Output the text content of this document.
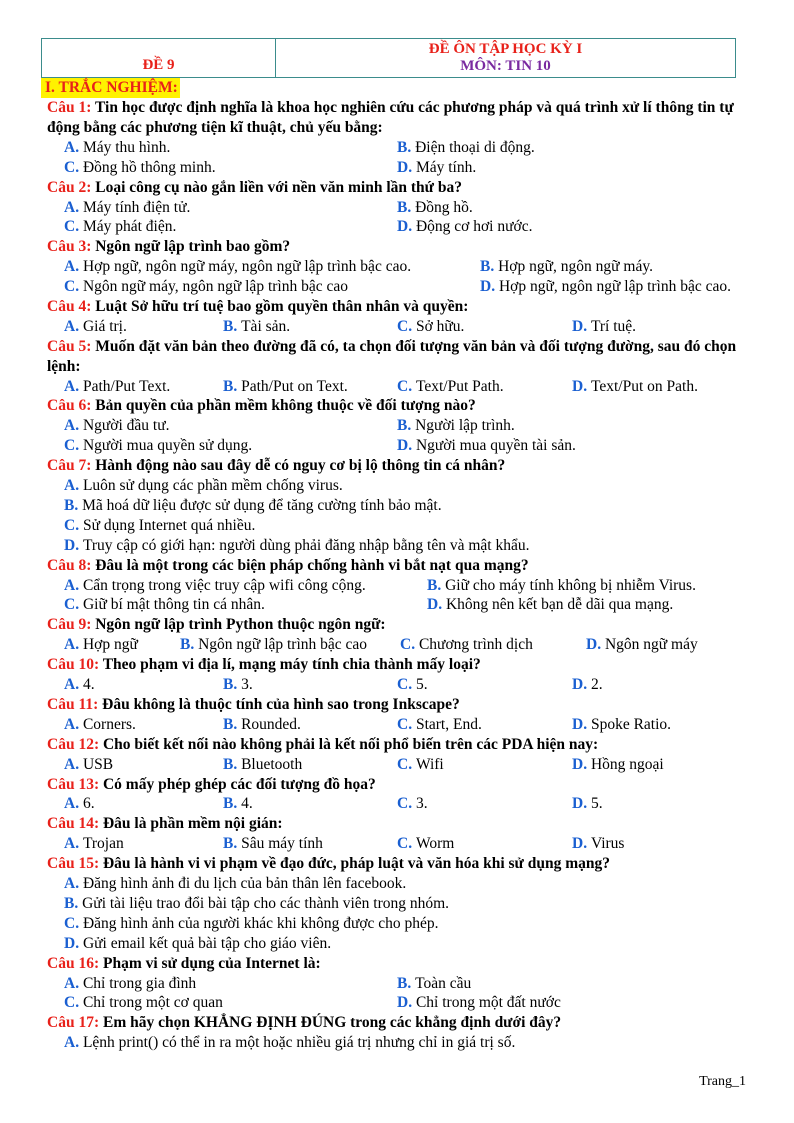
ĐỀ 9
ĐỀ ÔN TẬP HỌC KỲ I
MÔN: TIN 10
I. TRẮC NGHIỆM:
Câu 1: Tin học được định nghĩa là khoa học nghiên cứu các phương pháp và quá trình xử lí thông tin tự động bằng các phương tiện kĩ thuật, chủ yếu bằng:
A. Máy thu hình.	B. Điện thoại di động.
C. Đồng hồ thông minh.	D. Máy tính.
Câu 2: Loại công cụ nào gắn liền với nền văn minh lần thứ ba?
A. Máy tính điện tử.	B. Đồng hồ.
C. Máy phát điện.	D. Động cơ hơi nước.
Câu 3: Ngôn ngữ lập trình bao gồm?
A. Hợp ngữ, ngôn ngữ máy, ngôn ngữ lập trình bậc cao.	B. Hợp ngữ, ngôn ngữ máy.
C. Ngôn ngữ máy, ngôn ngữ lập trình bậc cao	D. Hợp ngữ, ngôn ngữ lập trình bậc cao.
Câu 4: Luật Sở hữu trí tuệ bao gồm quyền thân nhân và quyền:
A. Giá trị.	B. Tài sản.	C. Sở hữu.	D. Trí tuệ.
Câu 5: Muốn đặt văn bản theo đường đã có, ta chọn đối tượng văn bản và đối tượng đường, sau đó chọn lệnh:
A. Path/Put Text.	B. Path/Put on Text.	C. Text/Put Path.	D. Text/Put on Path.
Câu 6: Bản quyền của phần mềm không thuộc về đối tượng nào?
A. Người đầu tư.	B. Người lập trình.
C. Người mua quyền sử dụng.	D. Người mua quyền tài sản.
Câu 7: Hành động nào sau đây dễ có nguy cơ bị lộ thông tin cá nhân?
A. Luôn sử dụng các phần mềm chống virus.
B. Mã hoá dữ liệu được sử dụng để tăng cường tính bảo mật.
C. Sử dụng Internet quá nhiều.
D. Truy cập có giới hạn: người dùng phải đăng nhập bằng tên và mật khẩu.
Câu 8: Đâu là một trong các biện pháp chống hành vi bắt nạt qua mạng?
A. Cẩn trọng trong việc truy cập wifi công cộng.	B. Giữ cho máy tính không bị nhiễm Virus.
C. Giữ bí mật thông tin cá nhân.	D. Không nên kết bạn dễ dãi qua mạng.
Câu 9: Ngôn ngữ lập trình Python thuộc ngôn ngữ:
A. Hợp ngữ	B. Ngôn ngữ lập trình bậc cao C. Chương trình dịch	D. Ngôn ngữ máy
Câu 10: Theo phạm vi địa lí, mạng máy tính chia thành mấy loại?
A. 4.	B. 3.	C. 5.	D. 2.
Câu 11: Đâu không là thuộc tính của hình sao trong Inkscape?
A. Corners.	B. Rounded.	C. Start, End.	D. Spoke Ratio.
Câu 12: Cho biết kết nối nào không phải là kết nối phổ biến trên các PDA hiện nay:
A. USB	B. Bluetooth	C. Wifi	D. Hồng ngoại
Câu 13: Có mấy phép ghép các đối tượng đồ họa?
A. 6.	B. 4.	C. 3.	D. 5.
Câu 14: Đâu là phần mềm nội gián:
A. Trojan	B. Sâu máy tính	C. Worm	D. Virus
Câu 15: Đâu là hành vi vi phạm về đạo đức, pháp luật và văn hóa khi sử dụng mạng?
A. Đăng hình ảnh đi du lịch của bản thân lên facebook.
B. Gửi tài liệu trao đổi bài tập cho các thành viên trong nhóm.
C. Đăng hình ảnh của người khác khi không được cho phép.
D. Gửi email kết quả bài tập cho giáo viên.
Câu 16: Phạm vi sử dụng của Internet là:
A. Chỉ trong gia đình	B. Toàn cầu
C. Chỉ trong một cơ quan	D. Chỉ trong một đất nước
Câu 17: Em hãy chọn KHẲNG ĐỊNH ĐÚNG trong các khẳng định dưới đây?
A. Lệnh print() có thể in ra một hoặc nhiều giá trị nhưng chỉ in giá trị số.
Trang_1
